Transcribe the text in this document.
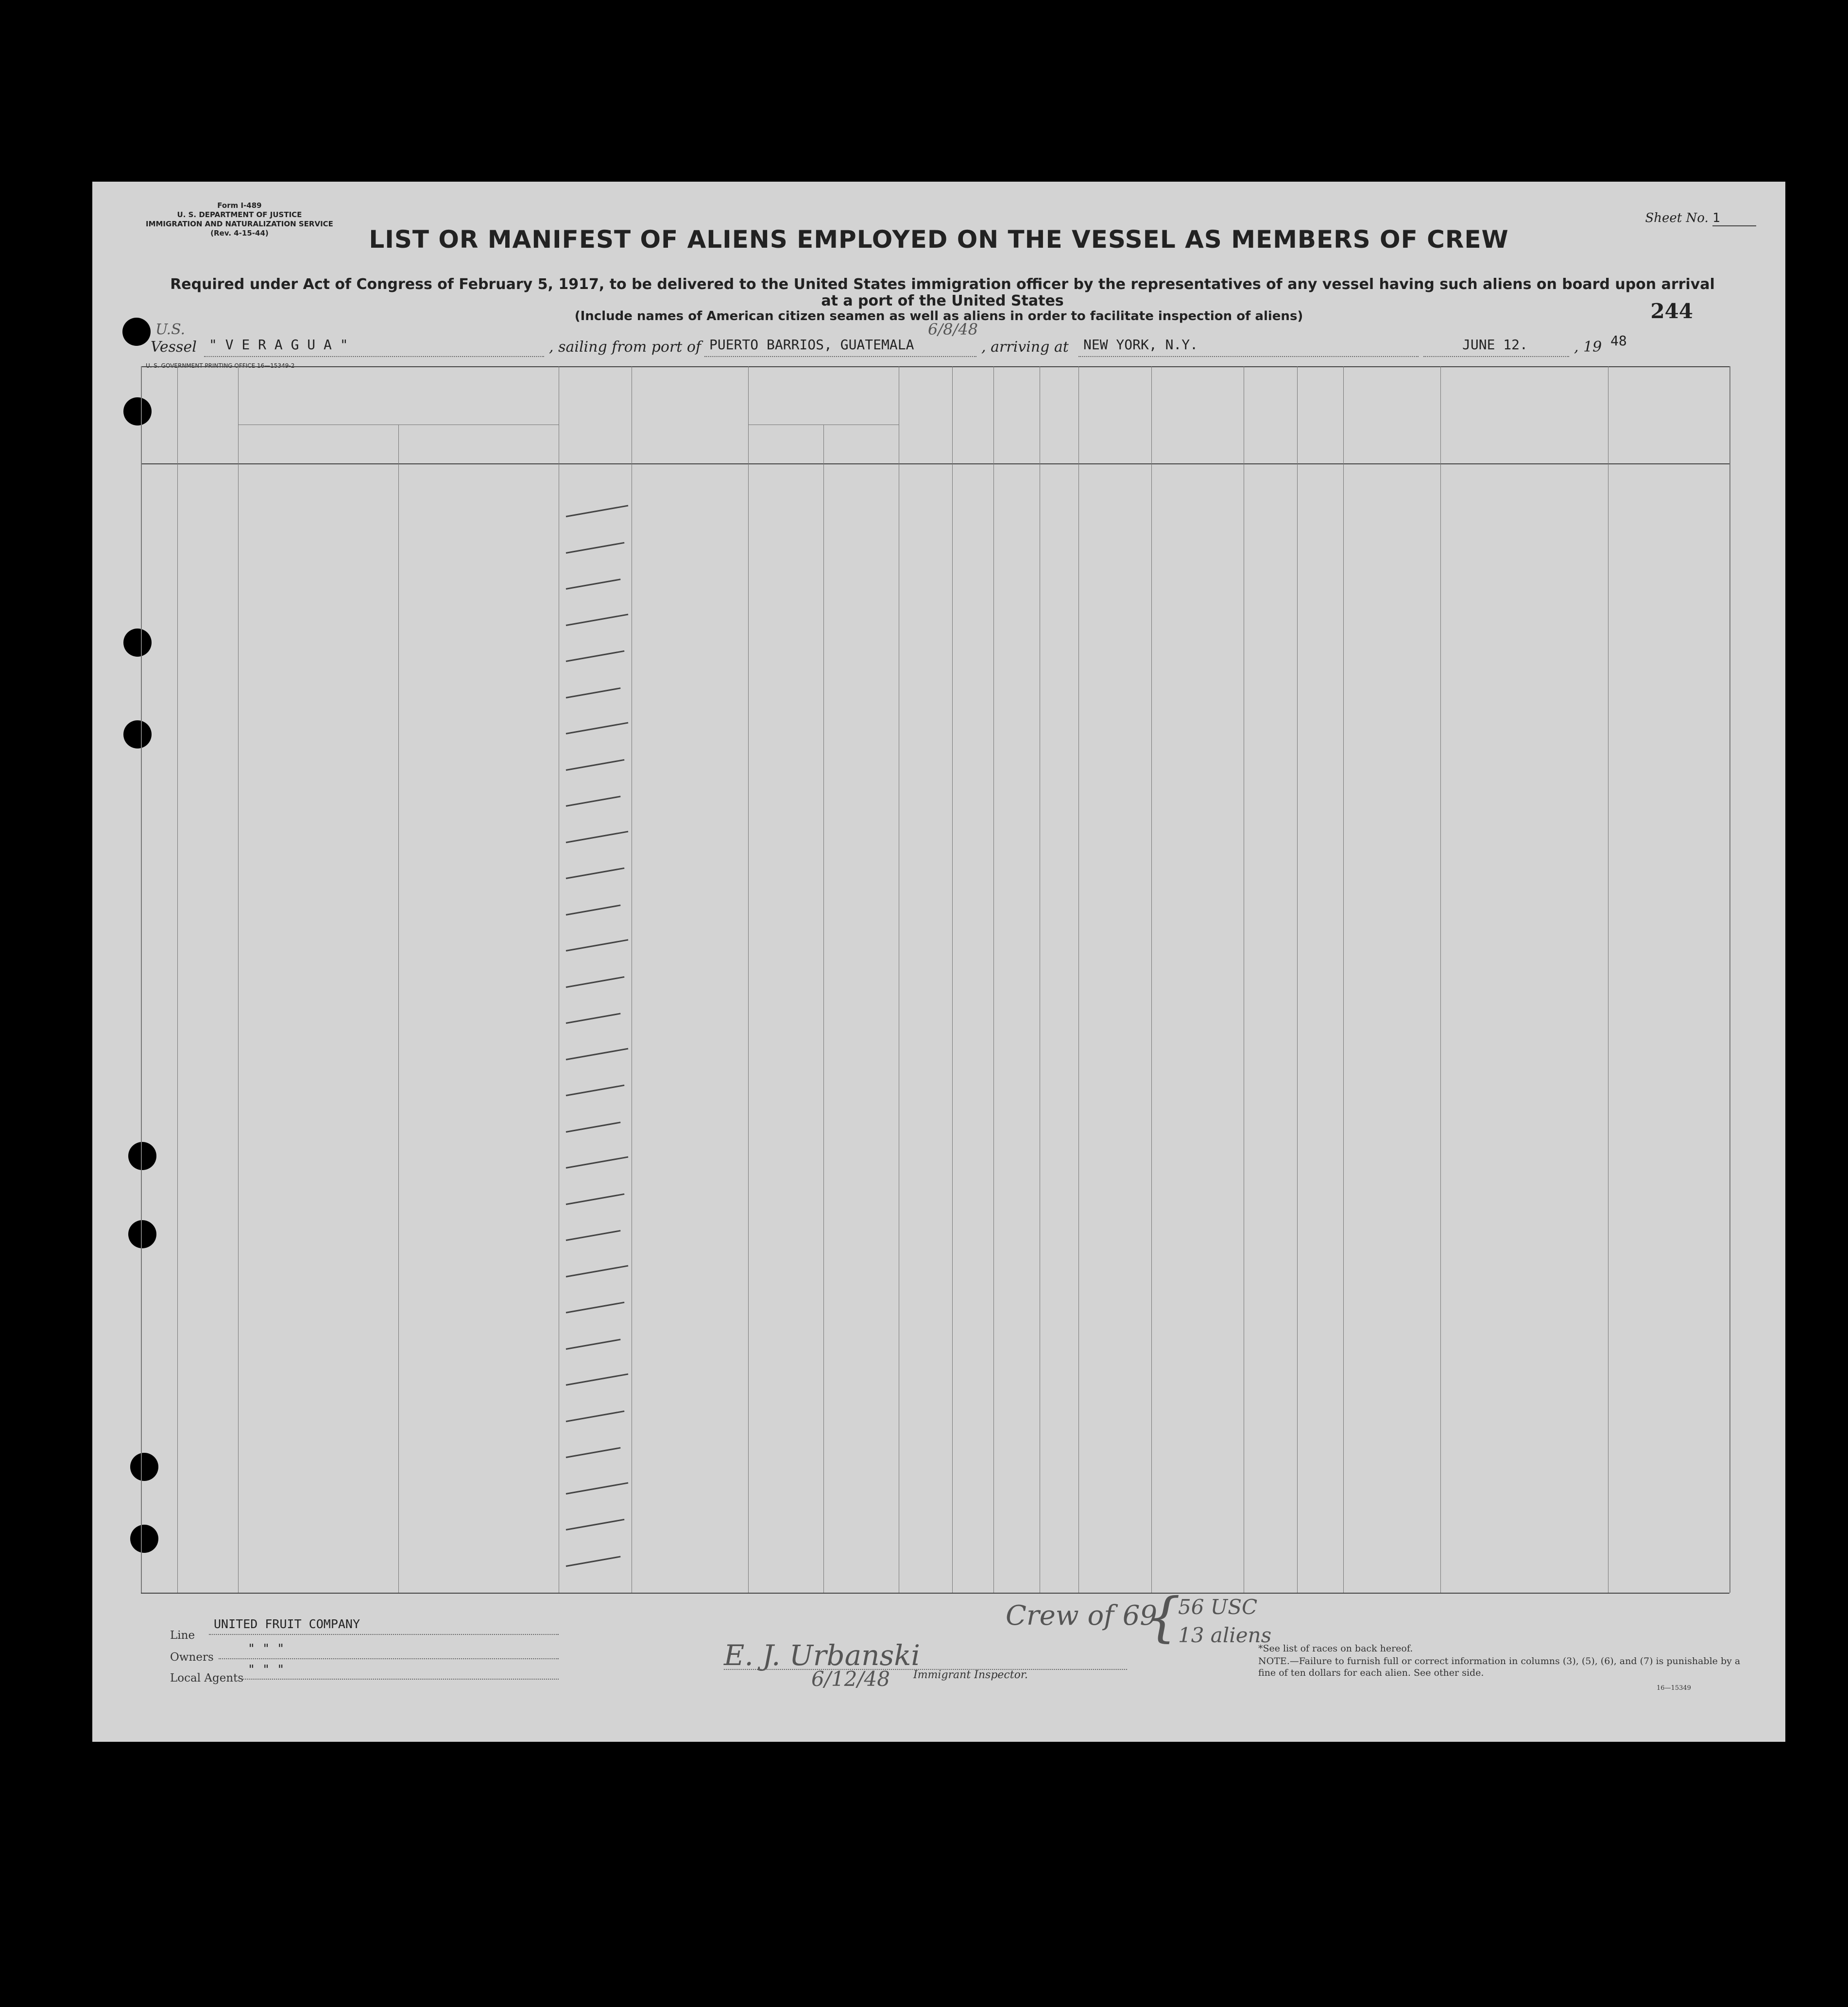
Form I-489
U. S. DEPARTMENT OF JUSTICE
IMMIGRATION AND NATURALIZATION SERVICE
(Rev. 4-15-44)	LIST OR MANIFEST OF ALIENS EMPLOYED ON THE VESSEL AS MEMBERS OF CREW
Sheet No. 1
Required under Act of Congress of February 5, 1917, to be delivered to the United States immigration officer by the representatives of any vessel having such aliens on board upon arrival at a port of the United States
(Include names of American citizen seamen as well as aliens in order to facilitate inspection of aliens)	244
U.S.
Vessel " V E R A G U A "	, sailing from port of PUERTO BARRIOS, GUATEMALA
6/8/48
, arriving at NEW YORK, N.Y.	JUNE 12.	, 19 48
U. S. GOVERNMENT PRINTING OFFICE 16—15349-2
Line
UNITED FRUIT COMPANY
Owners
" " "
Local Agents
" " "	E. J. Urbanski
6/12/48 Immigrant Inspector.
Crew of 69
{
56 USC
13 aliens
*See list of races on back hereof.
NOTE.—Failure to furnish full or correct information in columns (3), (5), (6), and (7) is punishable by a fine of ten dollars for each alien. See other side.
16—15349
